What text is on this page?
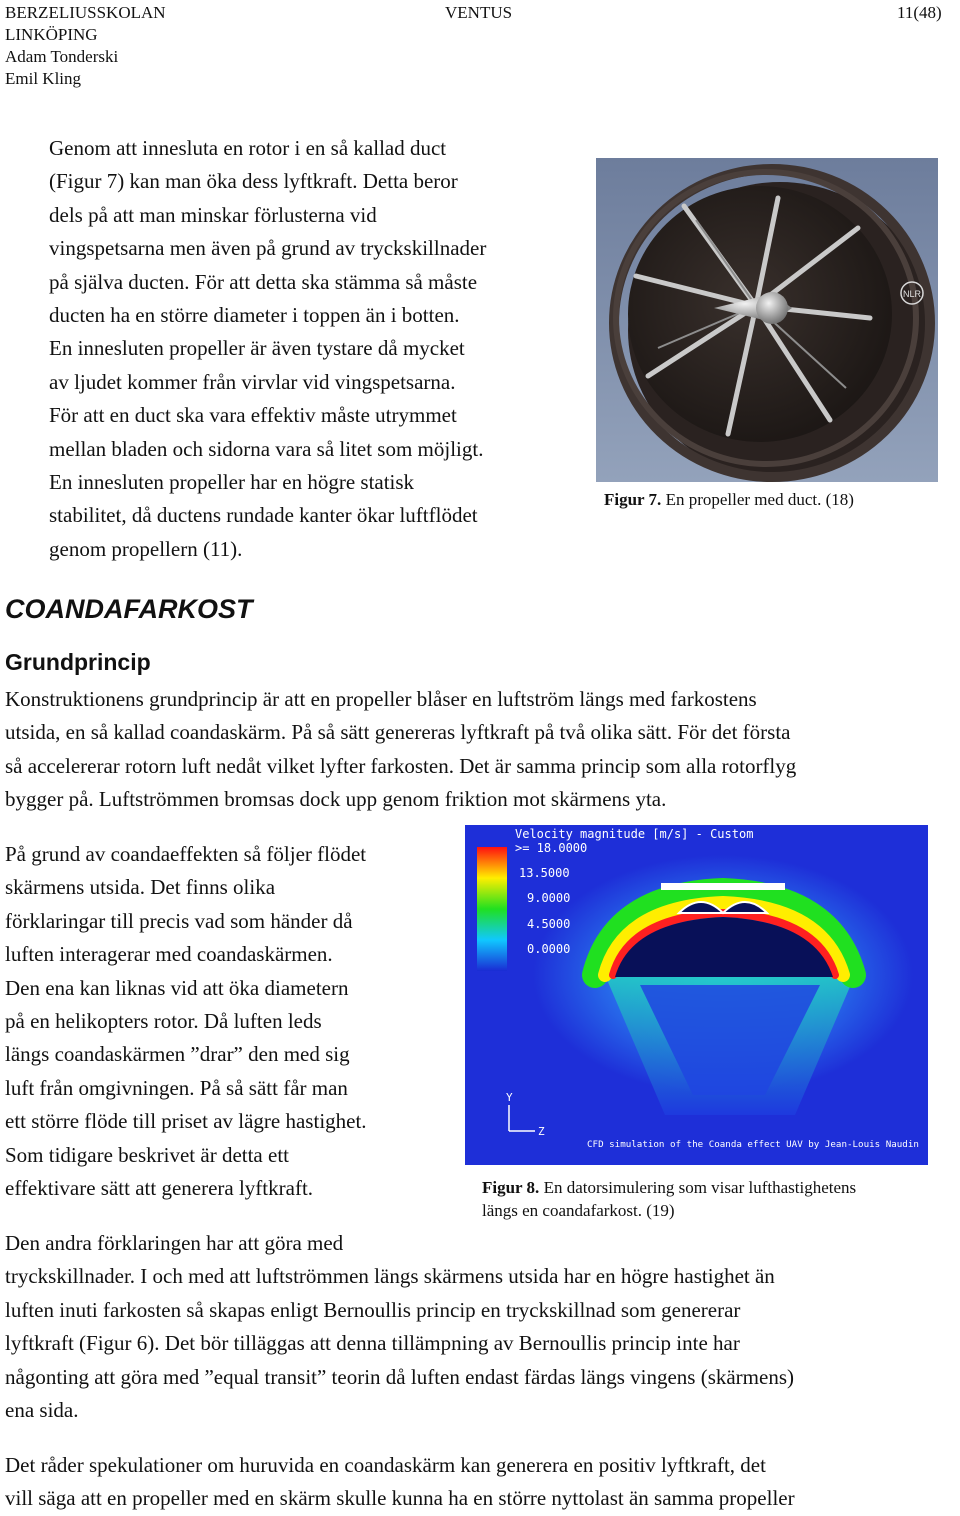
BERZELIUSSKOLAN
LINKÖPING
Adam Tonderski
Emil Kling
VENTUS	11(48)
Genom att innesluta en rotor i en så kallad duct
(Figur 7) kan man öka dess lyftkraft. Detta beror
dels på att man minskar förlusterna vid
vingspetsarna men även på grund av tryckskillnader
på själva ducten. För att detta ska stämma så måste
ducten ha en större diameter i toppen än i botten.
En innesluten propeller är även tystare då mycket
av ljudet kommer från virvlar vid vingspetsarna.
För att en duct ska vara effektiv måste utrymmet
mellan bladen och sidorna vara så litet som möjligt.
En innesluten propeller har en högre statisk
stabilitet, då ductens rundade kanter ökar luftflödet
genom propellern (11).
NLR
Figur 7. En propeller med duct. (18)
COANDAFARKOST
Grundprincip
Konstruktionens grundprincip är att en propeller blåser en luftström längs med farkostens
utsida, en så kallad coandaskärm. På så sätt genereras lyftkraft på två olika sätt. För det första
så accelererar rotorn luft nedåt vilket lyfter farkosten. Det är samma princip som alla rotorflyg
bygger på. Luftströmmen bromsas dock upp genom friktion mot skärmens yta.
På grund av coandaeffekten så följer flödet
skärmens utsida. Det finns olika
förklaringar till precis vad som händer då
luften interagerar med coandaskärmen.
Den ena kan liknas vid att öka diametern
på en helikopters rotor. Då luften leds
längs coandaskärmen ”drar” den med sig
luft från omgivningen. På så sätt får man
ett större flöde till priset av lägre hastighet.
Som tidigare beskrivet är detta ett
effektivare sätt att generera lyftkraft.
Velocity magnitude [m/s] - Custom
>= 18.0000
13.5000
9.0000
4.5000
0.0000
Y
Z
CFD simulation of the Coanda effect UAV by Jean-Louis Naudin
Figur 8. En datorsimulering som visar lufthastighetens
längs en coandafarkost. (19)
Den andra förklaringen har att göra med
tryckskillnader. I och med att luftströmmen längs skärmens utsida har en högre hastighet än
luften inuti farkosten så skapas enligt Bernoullis princip en tryckskillnad som genererar
lyftkraft (Figur 6). Det bör tilläggas att denna tillämpning av Bernoullis princip inte har
någonting att göra med ”equal transit” teorin då luften endast färdas längs vingens (skärmens)
ena sida.
Det råder spekulationer om huruvida en coandaskärm kan generera en positiv lyftkraft, det
vill säga att en propeller med en skärm skulle kunna ha en större nyttolast än samma propeller
